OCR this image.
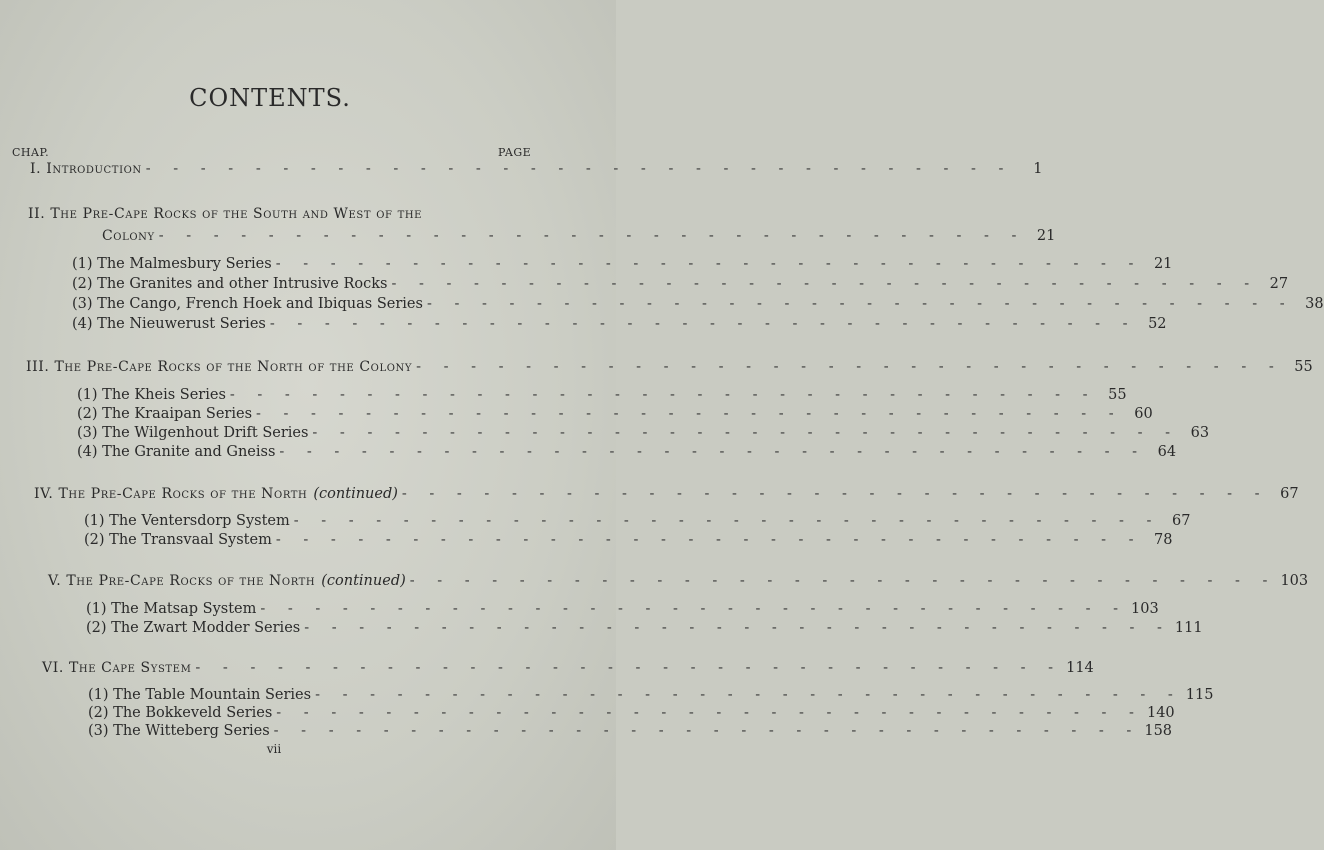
CONTENTS.
CHAP.	PAGE
I. Introduction - - - - - - - - - - - - - - - - - - - - - - - - - - - - - - - -	1
II. The Pre-Cape Rocks of the South and West of the
Colony - - - - - - - - - - - - - - - - - - - - - - - - - - - - - - - - 21
(1) The Malmesbury Series - - - - - - - - - - - - - - - - - - - - - - - - - - - - - - - - 21
(2) The Granites and other Intrusive Rocks - - - - - - - - - - - - - - - - - - - - - - - - - - - - - - - - 27
(3) The Cango, French Hoek and Ibiquas Series - - - - - - - - - - - - - - - - - - - - - - - - - - - - - - - - 38
(4) The Nieuwerust Series - - - - - - - - - - - - - - - - - - - - - - - - - - - - - - - - 52
III. The Pre-Cape Rocks of the North of the Colony - - - - - - - - - - - - - - - - - - - - - - - - - - - - - - - - 55
(1) The Kheis Series - - - - - - - - - - - - - - - - - - - - - - - - - - - - - - - - 55
(2) The Kraaipan Series - - - - - - - - - - - - - - - - - - - - - - - - - - - - - - - - 60
(3) The Wilgenhout Drift Series - - - - - - - - - - - - - - - - - - - - - - - - - - - - - - - - 63
(4) The Granite and Gneiss - - - - - - - - - - - - - - - - - - - - - - - - - - - - - - - - 64
IV. The Pre-Cape Rocks of the North (continued) - - - - - - - - - - - - - - - - - - - - - - - - - - - - - - - - 67
(1) The Ventersdorp System - - - - - - - - - - - - - - - - - - - - - - - - - - - - - - - - 67
(2) The Transvaal System - - - - - - - - - - - - - - - - - - - - - - - - - - - - - - - - 78
V. The Pre-Cape Rocks of the North (continued) - - - - - - - - - - - - - - - - - - - - - - - - - - - - - - - - 103
(1) The Matsap System - - - - - - - - - - - - - - - - - - - - - - - - - - - - - - - - 103
(2) The Zwart Modder Series - - - - - - - - - - - - - - - - - - - - - - - - - - - - - - - - 111
VI. The Cape System - - - - - - - - - - - - - - - - - - - - - - - - - - - - - - - - 114
(1) The Table Mountain Series - - - - - - - - - - - - - - - - - - - - - - - - - - - - - - - - 115
(2) The Bokkeveld Series - - - - - - - - - - - - - - - - - - - - - - - - - - - - - - - - 140
(3) The Witteberg Series - - - - - - - - - - - - - - - - - - - - - - - - - - - - - - - - 158
vii
